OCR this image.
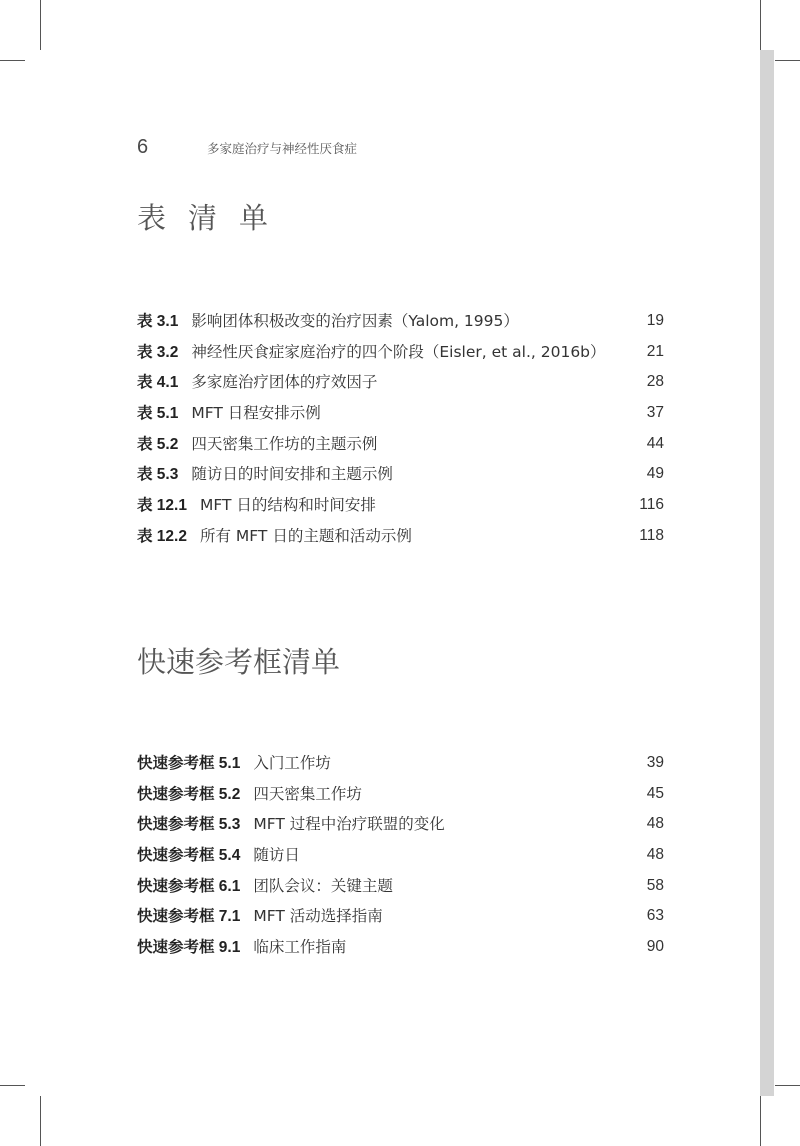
6	多家庭治疗与神经性厌食症
表清单
表 3.1 影响团体积极改变的治疗因素（Yalom, 1995）	19
表 3.2 神经性厌食症家庭治疗的四个阶段（Eisler, et al., 2016b）	21
表 4.1 多家庭治疗团体的疗效因子	28
表 5.1 MFT 日程安排示例	37
表 5.2 四天密集工作坊的主题示例	44
表 5.3 随访日的时间安排和主题示例	49
表 12.1 MFT 日的结构和时间安排	116
表 12.2 所有 MFT 日的主题和活动示例	118
快速参考框清单
快速参考框 5.1 入门工作坊	39
快速参考框 5.2 四天密集工作坊	45
快速参考框 5.3 MFT 过程中治疗联盟的变化	48
快速参考框 5.4 随访日	48
快速参考框 6.1 团队会议：关键主题	58
快速参考框 7.1 MFT 活动选择指南	63
快速参考框 9.1 临床工作指南	90
